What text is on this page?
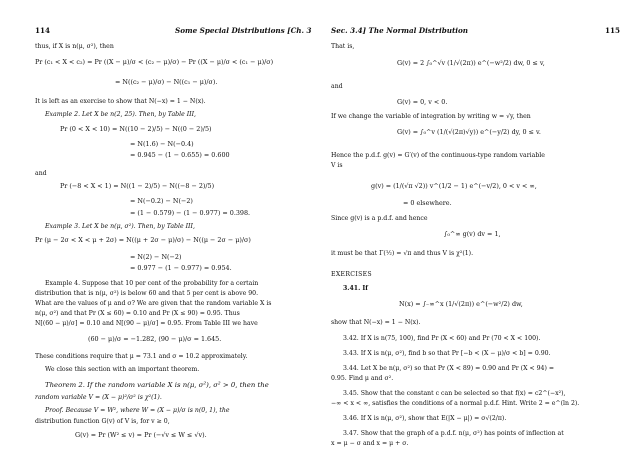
114	Some Special Distributions [Ch. 3
thus, if X is n(μ, σ²), then
Pr (c₁ < X < c₂) = Pr ((X − μ)/σ < (c₂ − μ)/σ) − Pr ((X − μ)/σ < (c₁ − μ)/σ)
= N((c₂ − μ)/σ) − N((c₁ − μ)/σ).
It is left as an exercise to show that N(−x) = 1 − N(x).
Example 2. Let X be n(2, 25). Then, by Table III,
Pr (0 < X < 10) = N((10 − 2)/5) − N((0 − 2)/5)
= N(1.6) − N(−0.4)
= 0.945 − (1 − 0.655) = 0.600
and
Pr (−8 < X < 1) = N((1 − 2)/5) − N((−8 − 2)/5)
= N(−0.2) − N(−2)
= (1 − 0.579) − (1 − 0.977) = 0.398.
Example 3. Let X be n(μ, σ²). Then, by Table III,
Pr (μ − 2σ < X < μ + 2σ) = N((μ + 2σ − μ)/σ) − N((μ − 2σ − μ)/σ)
= N(2) − N(−2)
= 0.977 − (1 − 0.977) = 0.954.
Example 4. Suppose that 10 per cent of the probability for a certain
distribution that is n(μ, σ²) is below 60 and that 5 per cent is above 90.
What are the values of μ and σ? We are given that the random variable X is
n(μ, σ²) and that Pr (X ≤ 60) = 0.10 and Pr (X ≤ 90) = 0.95. Thus
N[(60 − μ)/σ] = 0.10 and N[(90 − μ)/σ] = 0.95. From Table III we have
(60 − μ)/σ = −1.282, (90 − μ)/σ = 1.645.
These conditions require that μ = 73.1 and σ = 10.2 approximately.
We close this section with an important theorem.
Theorem 2. If the random variable X is n(μ, σ²), σ² > 0, then the
random variable V = (X − μ)²/σ² is χ²(1).
Proof. Because V = W², where W = (X − μ)/σ is n(0, 1), the
distribution function G(v) of V is, for v ≥ 0,
G(v) = Pr (W² ≤ v) = Pr (−√v ≤ W ≤ √v).
Sec. 3.4] The Normal Distribution	115
That is,
G(v) = 2 ∫₀^√v (1/√(2π)) e^(−w²/2) dw, 0 ≤ v,
and
G(v) = 0, v < 0.
If we change the variable of integration by writing w = √y, then
G(v) = ∫₀^v (1/(√(2π)√y)) e^(−y/2) dy, 0 ≤ v.
Hence the p.d.f. g(v) = G′(v) of the continuous-type random variable
V is
g(v) = (1/(√π √2)) v^(1/2 − 1) e^(−v/2), 0 < v < ∞,
= 0 elsewhere.
Since g(v) is a p.d.f. and hence
∫₀^∞ g(v) dv = 1,
it must be that Γ(½) = √π and thus V is χ²(1).
EXERCISES
3.41. If
N(x) = ∫₋∞^x (1/√(2π)) e^(−w²/2) dw,
show that N(−x) = 1 − N(x).
3.42. If X is n(75, 100), find Pr (X < 60) and Pr (70 < X < 100).
3.43. If X is n(μ, σ²), find b so that Pr [−b < (X − μ)/σ < b] = 0.90.
3.44. Let X be n(μ, σ²) so that Pr (X < 89) = 0.90 and Pr (X < 94) =
0.95. Find μ and σ².
3.45. Show that the constant c can be selected so that f(x) = c2^(−x²),
−∞ < x < ∞, satisfies the conditions of a normal p.d.f. Hint. Write 2 = e^(ln 2).
3.46. If X is n(μ, σ²), show that E(|X − μ|) = σ√(2/π).
3.47. Show that the graph of a p.d.f. n(μ, σ²) has points of inflection at
x = μ − σ and x = μ + σ.
